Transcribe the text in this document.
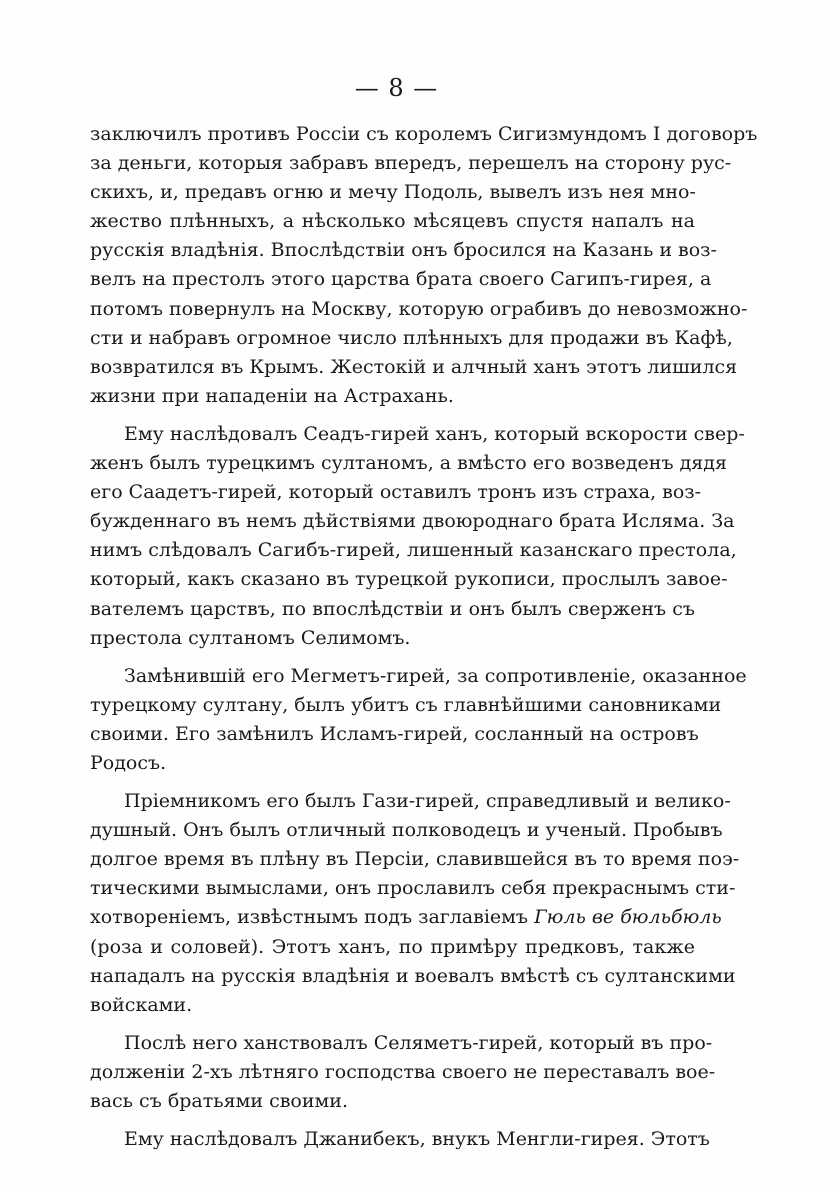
— 8 —
заключилъ противъ Россіи съ королемъ Сигизмундомъ I договоръ
за деньги, которыя забравъ впередъ, перешелъ на сторону рус-
скихъ, и, предавъ огню и мечу Подоль, вывелъ изъ нея мно-
жество плѣнныхъ, а нѣсколько мѣсяцевъ спустя напалъ на
русскія владѣнія. Впослѣдствіи онъ бросился на Казань и воз-
велъ на престолъ этого царства брата своего Сагипъ-гирея, а
потомъ повернулъ на Москву, которую ограбивъ до невозможно-
сти и набравъ огромное число плѣнныхъ для продажи въ Кафѣ,
возвратился въ Крымъ. Жестокій и алчный ханъ этотъ лишился
жизни при нападеніи на Астрахань.
Ему наслѣдовалъ Сеадъ-гирей ханъ, который вскорости свер-
женъ былъ турецкимъ султаномъ, а вмѣсто его возведенъ дядя
его Саадетъ-гирей, который оставилъ тронъ изъ страха, воз-
бужденнаго въ немъ дѣйствіями двоюроднаго брата Исляма. За
нимъ слѣдовалъ Сагибъ-гирей, лишенный казанскаго престола,
который, какъ сказано въ турецкой рукописи, прослылъ завое-
вателемъ царствъ, по впослѣдствіи и онъ былъ сверженъ съ
престола султаномъ Селимомъ.
Замѣнившій его Мегметъ-гирей, за сопротивленіе, оказанное
турецкому султану, былъ убитъ съ главнѣйшими сановниками
своими. Его замѣнилъ Исламъ-гирей, сосланный на островъ
Родосъ.
Пріемникомъ его былъ Гази-гирей, справедливый и велико-
душный. Онъ былъ отличный полководецъ и ученый. Пробывъ
долгое время въ плѣну въ Персіи, славившейся въ то время поэ-
тическими вымыслами, онъ прославилъ себя прекраснымъ сти-
хотвореніемъ, извѣстнымъ подъ заглавіемъ Гюль ве бюльбюль
(роза и соловей). Этотъ ханъ, по примѣру предковъ, также
нападалъ на русскія владѣнія и воевалъ вмѣстѣ съ султанскими
войсками.
Послѣ него ханствовалъ Селяметъ-гирей, который въ про-
долженіи 2-хъ лѣтняго господства своего не переставалъ вое-
вась съ братьями своими.
Ему наслѣдовалъ Джанибекъ, внукъ Менгли-гирея. Этотъ
